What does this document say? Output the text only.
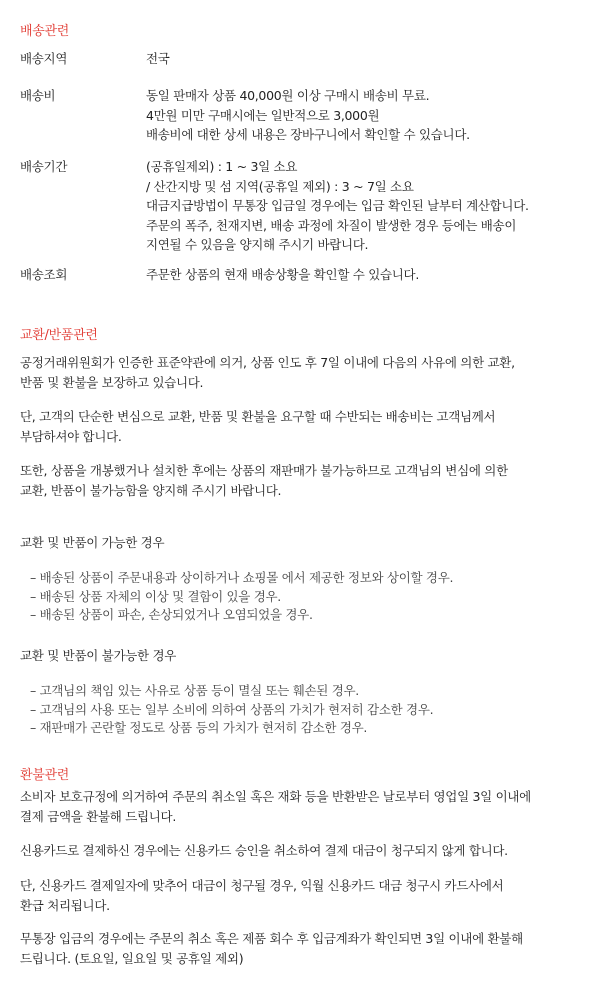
배송관련
배송지역	전국
배송비	동일 판매자 상품 40,000원 이상 구매시 배송비 무료.
4만원 미만 구매시에는 일반적으로 3,000원
배송비에 대한 상세 내용은 장바구니에서 확인할 수 있습니다.
배송기간	(공휴일제외) : 1 ~ 3일 소요
/ 산간지방 및 섬 지역(공휴일 제외) : 3 ~ 7일 소요
대금지급방법이 무통장 입금일 경우에는 입금 확인된 날부터 계산합니다.
주문의 폭주, 천재지변, 배송 과정에 차질이 발생한 경우 등에는 배송이
지연될 수 있음을 양지해 주시기 바랍니다.
배송조회	주문한 상품의 현재 배송상황을 확인할 수 있습니다.
교환/반품관련
공정거래위원회가 인증한 표준약관에 의거, 상품 인도 후 7일 이내에 다음의 사유에 의한 교환,
반품 및 환불을 보장하고 있습니다.
단, 고객의 단순한 변심으로 교환, 반품 및 환불을 요구할 때 수반되는 배송비는 고객님께서
부담하셔야 합니다.
또한, 상품을 개봉했거나 설치한 후에는 상품의 재판매가 불가능하므로 고객님의 변심에 의한
교환, 반품이 불가능함을 양지해 주시기 바랍니다.
교환 및 반품이 가능한 경우
– 배송된 상품이 주문내용과 상이하거나 쇼핑몰 에서 제공한 정보와 상이할 경우.
– 배송된 상품 자체의 이상 및 결함이 있을 경우.
– 배송된 상품이 파손, 손상되었거나 오염되었을 경우.
교환 및 반품이 불가능한 경우
– 고객님의 책임 있는 사유로 상품 등이 멸실 또는 훼손된 경우.
– 고객님의 사용 또는 일부 소비에 의하여 상품의 가치가 현저히 감소한 경우.
– 재판매가 곤란할 정도로 상품 등의 가치가 현저히 감소한 경우.
환불관련
소비자 보호규정에 의거하여 주문의 취소일 혹은 재화 등을 반환받은 날로부터 영업일 3일 이내에
결제 금액을 환불해 드립니다.
신용카드로 결제하신 경우에는 신용카드 승인을 취소하여 결제 대금이 청구되지 않게 합니다.
단, 신용카드 결제일자에 맞추어 대금이 청구될 경우, 익월 신용카드 대금 청구시 카드사에서
환급 처리됩니다.
무통장 입금의 경우에는 주문의 취소 혹은 제품 회수 후 입금계좌가 확인되면 3일 이내에 환불해
드립니다. (토요일, 일요일 및 공휴일 제외)
